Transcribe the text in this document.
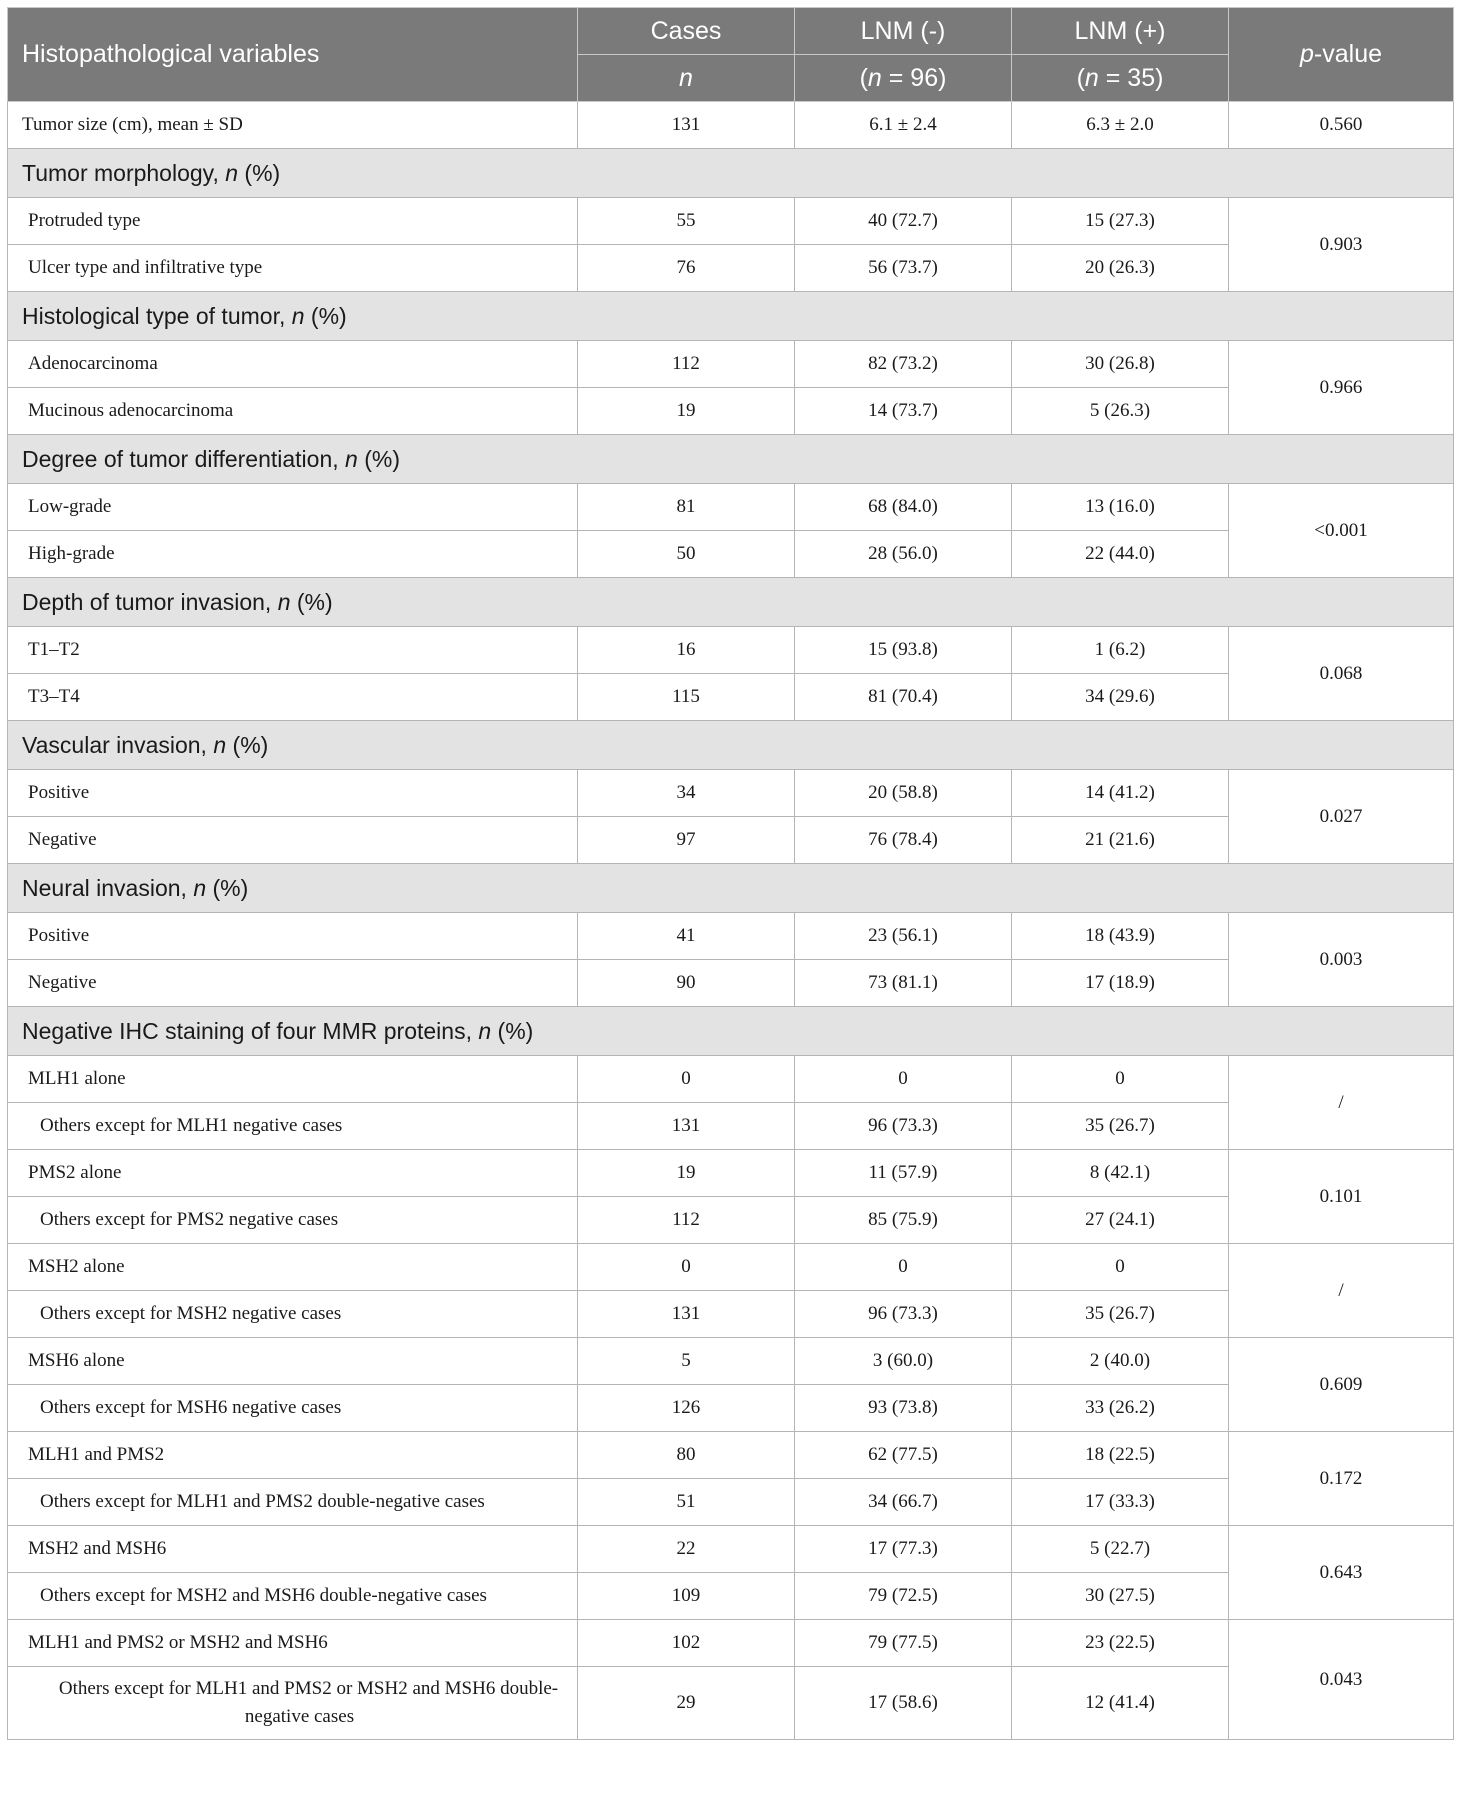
Histopathological variables	Cases	LNM (-)	LNM (+)	p-value
	n	(n = 96)	(n = 35)	
Tumor size (cm), mean ± SD	131	6.1 ± 2.4	6.3 ± 2.0	0.560
Tumor morphology, n (%)				
Protruded type	55	40 (72.7)	15 (27.3)	0.903
Ulcer type and infiltrative type	76	56 (73.7)	20 (26.3)	
Histological type of tumor, n (%)				
Adenocarcinoma	112	82 (73.2)	30 (26.8)	0.966
Mucinous adenocarcinoma	19	14 (73.7)	5 (26.3)	
Degree of tumor differentiation, n (%)				
Low-grade	81	68 (84.0)	13 (16.0)	<0.001
High-grade	50	28 (56.0)	22 (44.0)	
Depth of tumor invasion, n (%)				
T1–T2	16	15 (93.8)	1 (6.2)	0.068
T3–T4	115	81 (70.4)	34 (29.6)	
Vascular invasion, n (%)				
Positive	34	20 (58.8)	14 (41.2)	0.027
Negative	97	76 (78.4)	21 (21.6)	
Neural invasion, n (%)				
Positive	41	23 (56.1)	18 (43.9)	0.003
Negative	90	73 (81.1)	17 (18.9)	
Negative IHC staining of four MMR proteins, n (%)				
MLH1 alone	0	0	0	/
Others except for MLH1 negative cases	131	96 (73.3)	35 (26.7)	
PMS2 alone	19	11 (57.9)	8 (42.1)	0.101
Others except for PMS2 negative cases	112	85 (75.9)	27 (24.1)	
MSH2 alone	0	0	0	/
Others except for MSH2 negative cases	131	96 (73.3)	35 (26.7)	
MSH6 alone	5	3 (60.0)	2 (40.0)	0.609
Others except for MSH6 negative cases	126	93 (73.8)	33 (26.2)	
MLH1 and PMS2	80	62 (77.5)	18 (22.5)	0.172
Others except for MLH1 and PMS2 double-negative cases	51	34 (66.7)	17 (33.3)	
MSH2 and MSH6	22	17 (77.3)	5 (22.7)	0.643
Others except for MSH2 and MSH6 double-negative cases	109	79 (72.5)	30 (27.5)	
MLH1 and PMS2 or MSH2 and MSH6	102	79 (77.5)	23 (22.5)	0.043
Others except for MLH1 and PMS2 or MSH2 and MSH6 double-negative cases	29	17 (58.6)	12 (41.4)	
